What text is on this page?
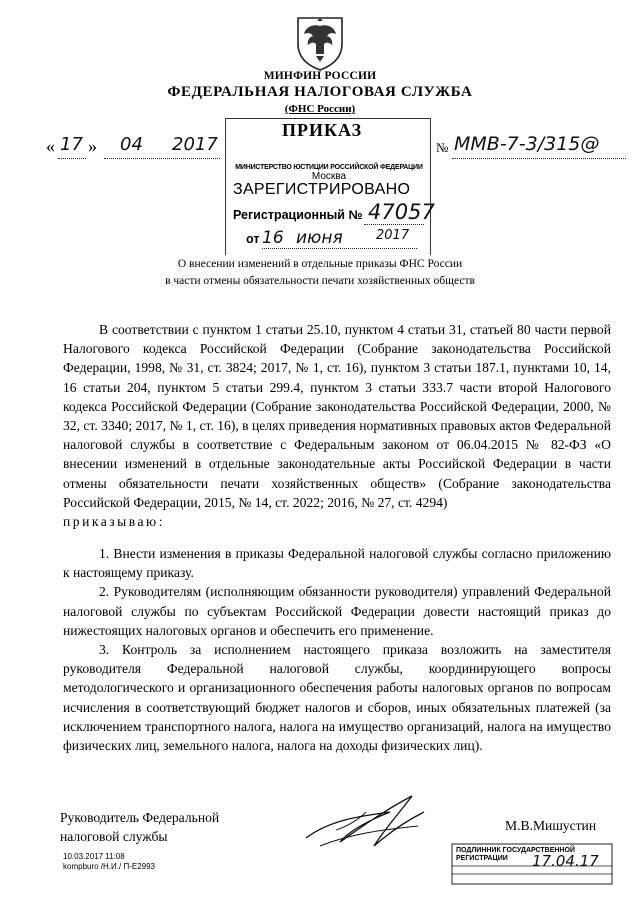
МИНФИН РОССИИ
ФЕДЕРАЛЬНАЯ НАЛОГОВАЯ СЛУЖБА
(ФНС России)
ПРИКАЗ
МИНИСТЕРСТВО ЮСТИЦИИ РОССИЙСКОЙ ФЕДЕРАЦИИ
Москва
ЗАРЕГИСТРИРОВАНО
Регистрационный № 47057
от 16 июня	2017
« 17 » 04 2017	№ ММВ-7-3/315@
О внесении изменений в отдельные приказы ФНС России
в части отмены обязательности печати хозяйственных обществ

В соответствии с пунктом 1 статьи 25.10, пунктом 4 статьи 31, статьей 80 части первой Налогового кодекса Российской Федерации (Собрание законодательства Российской Федерации, 1998, № 31, ст. 3824; 2017, № 1, ст. 16), пунктом 3 статьи 187.1, пунктами 10, 14, 16 статьи 204, пунктом 5 статьи 299.4, пунктом 3 статьи 333.7 части второй Налогового кодекса Российской Федерации (Собрание законодательства Российской Федерации, 2000, № 32, ст. 3340; 2017, № 1, ст. 16), в целях приведения нормативных правовых актов Федеральной налоговой службы в соответствие с Федеральным законом от 06.04.2015 № 82-ФЗ «О внесении изменений в отдельные законодательные акты Российской Федерации в части отмены обязательности печати хозяйственных обществ» (Собрание законодательства Российской Федерации, 2015, № 14, ст. 2022; 2016, № 27, ст. 4294)

приказываю:

1. Внести изменения в приказы Федеральной налоговой службы согласно приложению к настоящему приказу.

2. Руководителям (исполняющим обязанности руководителя) управлений Федеральной налоговой службы по субъектам Российской Федерации довести настоящий приказ до нижестоящих налоговых органов и обеспечить его применение.

3. Контроль за исполнением настоящего приказа возложить на заместителя руководителя Федеральной налоговой службы, координирующего вопросы методологического и организационного обеспечения работы налоговых органов по вопросам исчисления в соответствующий бюджет налогов и сборов, иных обязательных платежей (за исключением транспортного налога, налога на имущество организаций, налога на имущество физических лиц, земельного налога, налога на доходы физических лиц).

Руководитель Федеральной
налоговой службы
М.В.Мишустин
ПОДЛИННИК ГОСУДАРСТВЕННОЙ
РЕГИСТРАЦИИ	17.04.17
10.03.2017 11:08
kompburo /Н.И./ П-Е2993
